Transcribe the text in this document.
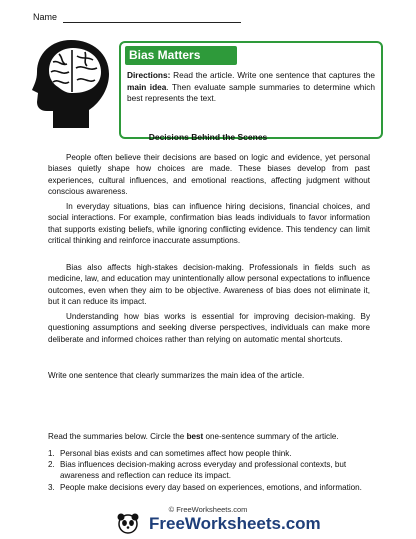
Name
Bias Matters
Directions: Read the article. Write one sentence that captures the main idea. Then evaluate sample summaries to determine which best represents the text.
Decisions Behind the Scenes
People often believe their decisions are based on logic and evidence, yet personal biases quietly shape how choices are made. These biases develop from past experiences, cultural influences, and emotional reactions, affecting judgment without conscious awareness.
In everyday situations, bias can influence hiring decisions, financial choices, and social interactions. For example, confirmation bias leads individuals to favor information that supports existing beliefs, while ignoring conflicting evidence. This tendency can limit critical thinking and reinforce inaccurate assumptions.
Bias also affects high-stakes decision-making. Professionals in fields such as medicine, law, and education may unintentionally allow personal expectations to influence outcomes, even when they aim to be objective. Awareness of bias does not eliminate it, but it can reduce its impact.
Understanding how bias works is essential for improving decision-making. By questioning assumptions and seeking diverse perspectives, individuals can make more deliberate and informed choices rather than relying on automatic mental shortcuts.
Write one sentence that clearly summarizes the main idea of the article.
Read the summaries below. Circle the best one-sentence summary of the article.
1. Personal bias exists and can sometimes affect how people think.
2. Bias influences decision-making across everyday and professional contexts, but awareness and reflection can reduce its impact.
3. People make decisions every day based on experiences, emotions, and information.
© FreeWorksheets.com
FreeWorksheets.com
